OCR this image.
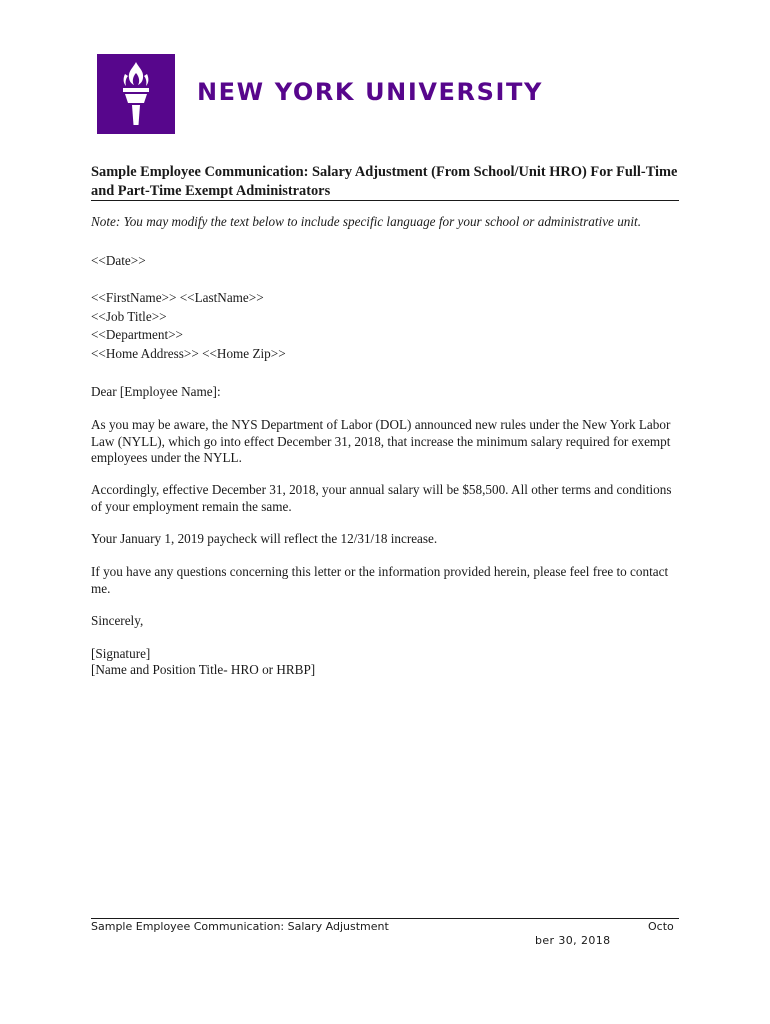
NEW YORK UNIVERSITY
Sample Employee Communication: Salary Adjustment (From School/Unit HRO) For Full-Time and Part-Time Exempt Administrators
Note: You may modify the text below to include specific language for your school or administrative unit.
<<Date>>
<<FirstName>> <<LastName>>
<<Job Title>>
<<Department>>
<<Home Address>> <<Home Zip>>
Dear [Employee Name]:

As you may be aware, the NYS Department of Labor (DOL) announced new rules under the New York Labor Law (NYLL), which go into effect December 31, 2018, that increase the minimum salary required for exempt employees under the NYLL.

Accordingly, effective December 31, 2018, your annual salary will be $58,500. All other terms and conditions of your employment remain the same.

Your January 1, 2019 paycheck will reflect the 12/31/18 increase.

If you have any questions concerning this letter or the information provided herein, please feel free to contact me.

Sincerely,
[Signature]
[Name and Position Title- HRO or HRBP]
Sample Employee Communication: Salary Adjustment	Octo
ber 30, 2018
